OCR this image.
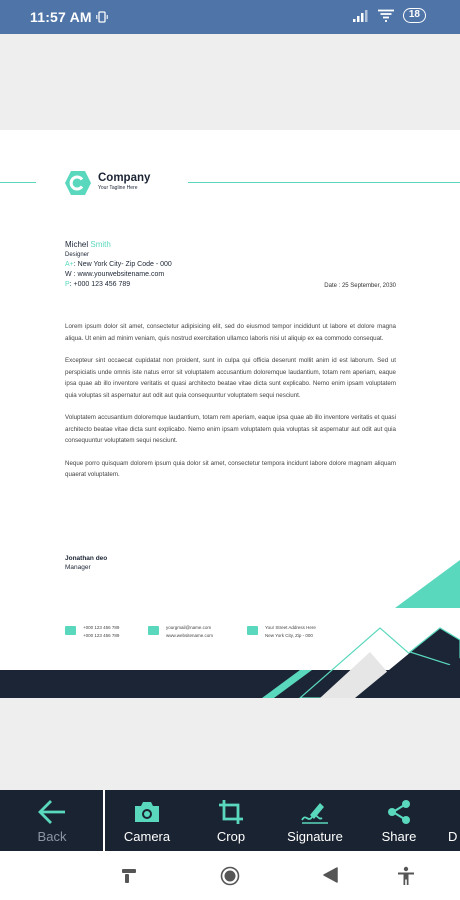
11:57 AM	18
Company
Your Tagline Here
Michel Smith
Designer
A+: New York City- Zip Code - 000
W : www.yourwebsitename.com
P: +000 123 456 789	Date : 25 September, 2030

Lorem ipsum dolor sit amet, consectetur adipisicing elit, sed do eiusmod tempor incididunt ut labore et dolore magna aliqua. Ut enim ad minim veniam, quis nostrud exercitation ullamco laboris nisi ut aliquip ex ea commodo consequat.

Excepteur sint occaecat cupidatat non proident, sunt in culpa qui officia deserunt mollit anim id est laborum. Sed ut perspiciatis unde omnis iste natus error sit voluptatem accusantium doloremque laudantium, totam rem aperiam, eaque ipsa quae ab illo inventore veritatis et quasi architecto beatae vitae dicta sunt explicabo. Nemo enim ipsam voluptatem quia voluptas sit aspernatur aut odit aut quia consequuntur voluptatem sequi nesciunt.

Voluptatem accusantium doloremque laudantium, totam rem aperiam, eaque ipsa quae ab illo inventore veritatis et quasi architecto beatae vitae dicta sunt explicabo. Nemo enim ipsam voluptatem quia voluptas sit aspernatur aut odit aut quia consequuntur voluptatem sequi nesciunt.

Neque porro quisquam dolorem ipsum quia dolor sit amet, consectetur tempora incidunt labore dolore magnam aliquam quaerat voluptatem.

Jonathan deo
Manager
+000 123 456 789
+000 123 456 789
yourgmail@name.com
www.websitename.com
Your Street Address Here
New York City, Zip - 000
Back	Camera	Crop	Signature	Share D
